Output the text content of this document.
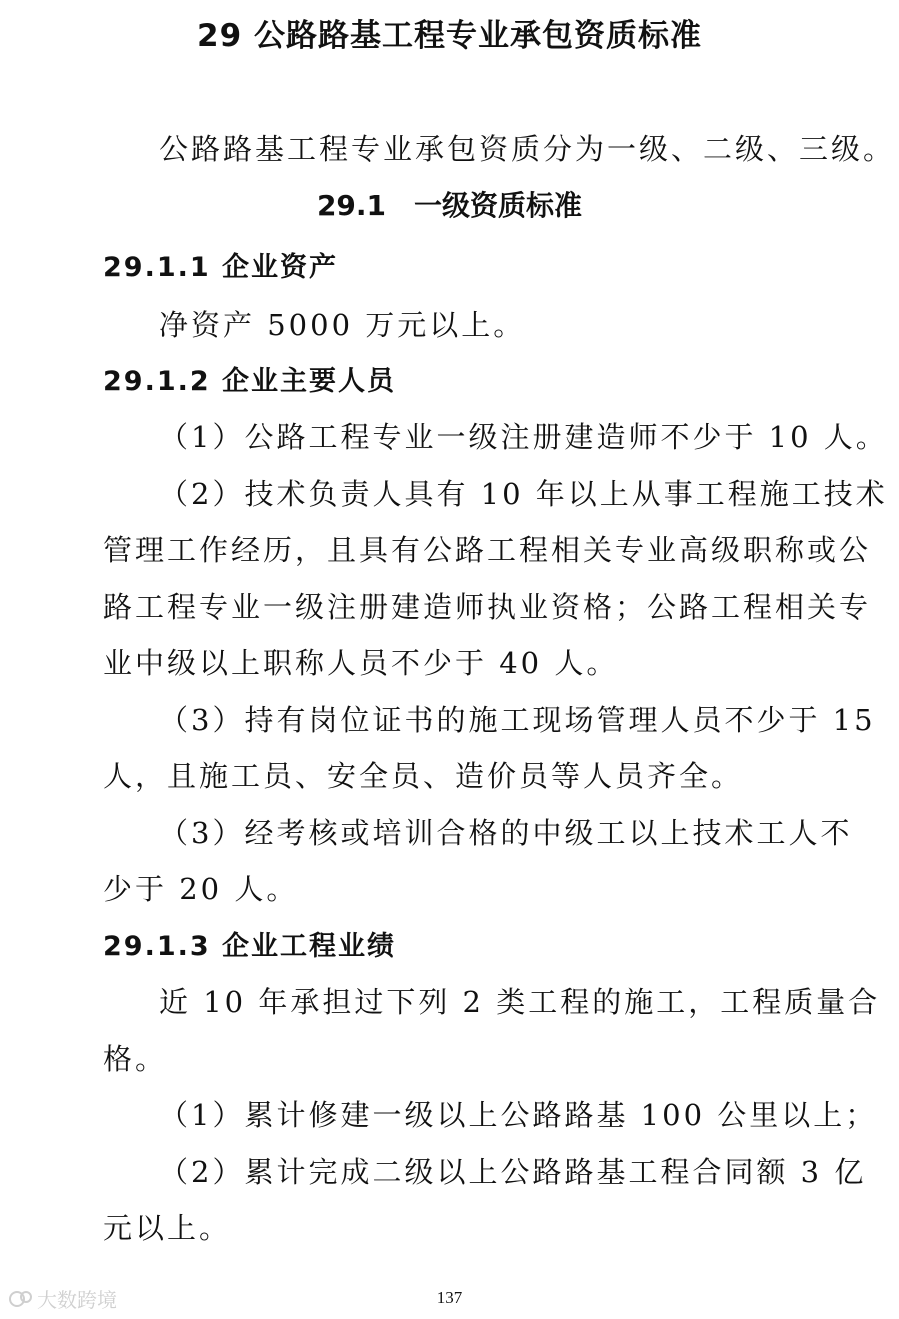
29 公路路基工程专业承包资质标准
公路路基工程专业承包资质分为一级、二级、三级。
29.1　一级资质标准
29.1.1 企业资产
净资产 5000 万元以上。
29.1.2 企业主要人员
（1）公路工程专业一级注册建造师不少于 10 人。
（2）技术负责人具有 10 年以上从事工程施工技术
管理工作经历，且具有公路工程相关专业高级职称或公
路工程专业一级注册建造师执业资格；公路工程相关专
业中级以上职称人员不少于 40 人。
（3）持有岗位证书的施工现场管理人员不少于 15
人，且施工员、安全员、造价员等人员齐全。
（3）经考核或培训合格的中级工以上技术工人不
少于 20 人。
29.1.3 企业工程业绩
近 10 年承担过下列 2 类工程的施工，工程质量合
格。
（1）累计修建一级以上公路路基 100 公里以上；
（2）累计完成二级以上公路路基工程合同额 3 亿
元以上。
137
大数跨境
